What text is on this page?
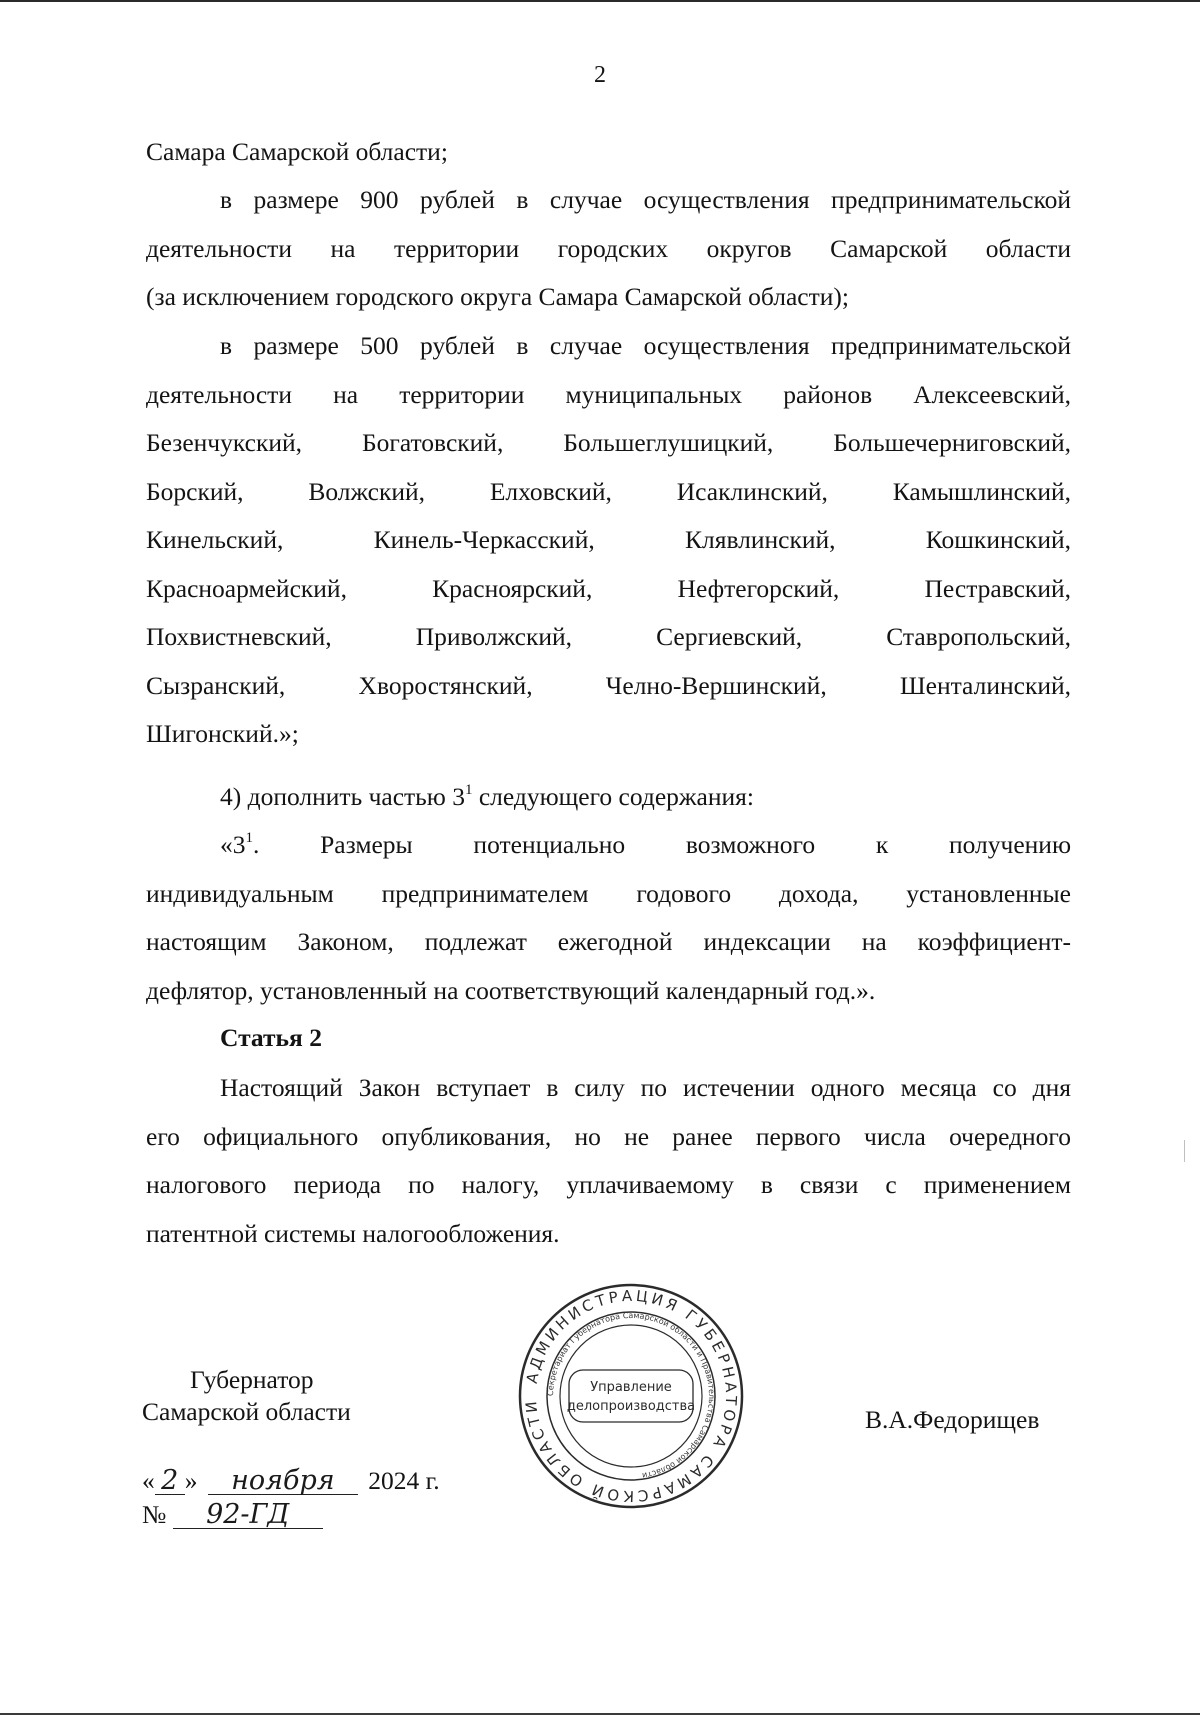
2
Самара Самарской области;
в размере 900 рублей в случае осуществления предпринимательской
деятельности на территории городских округов Самарской области
(за исключением городского округа Самара Самарской области);
в размере 500 рублей в случае осуществления предпринимательской
деятельности на территории муниципальных районов Алексеевский,
Безенчукский, Богатовский, Большеглушицкий, Большечерниговский,
Борский, Волжский, Елховский, Исаклинский, Камышлинский,
Кинельский, Кинель-Черкасский, Клявлинский, Кошкинский,
Красноармейский, Красноярский, Нефтегорский, Пестравский,
Похвистневский, Приволжский, Сергиевский, Ставропольский,
Сызранский, Хворостянский, Челно-Вершинский, Шенталинский,
Шигонский.»;
4) дополнить частью $3^1$ следующего содержания:
«$3^1$ . Размеры потенциально возможного к получению
индивидуальным предпринимателем годового дохода, установленные
настоящим Законом, подлежат ежегодной индексации на коэффициент-
дефлятор, установленный на соответствующий календарный год.».
Статья 2
Настоящий Закон вступает в силу по истечении одного месяца со дня
его официального опубликования, но не ранее первого числа очередного
налогового периода по налогу, уплачиваемому в связи с применением
патентной системы налогообложения.
Губернатор
Самарской области	В.А.Федорищев
АДМИНИСТРАЦИЯ ГУБЕРНАТОРА САМАРСКОЙ ОБЛАСТИ
Секретариат Губернатора Самарской области и Правительства Самарской области
Управление
делопроизводства
« 2 » ноября 2024 г.
№ 92-ГД
